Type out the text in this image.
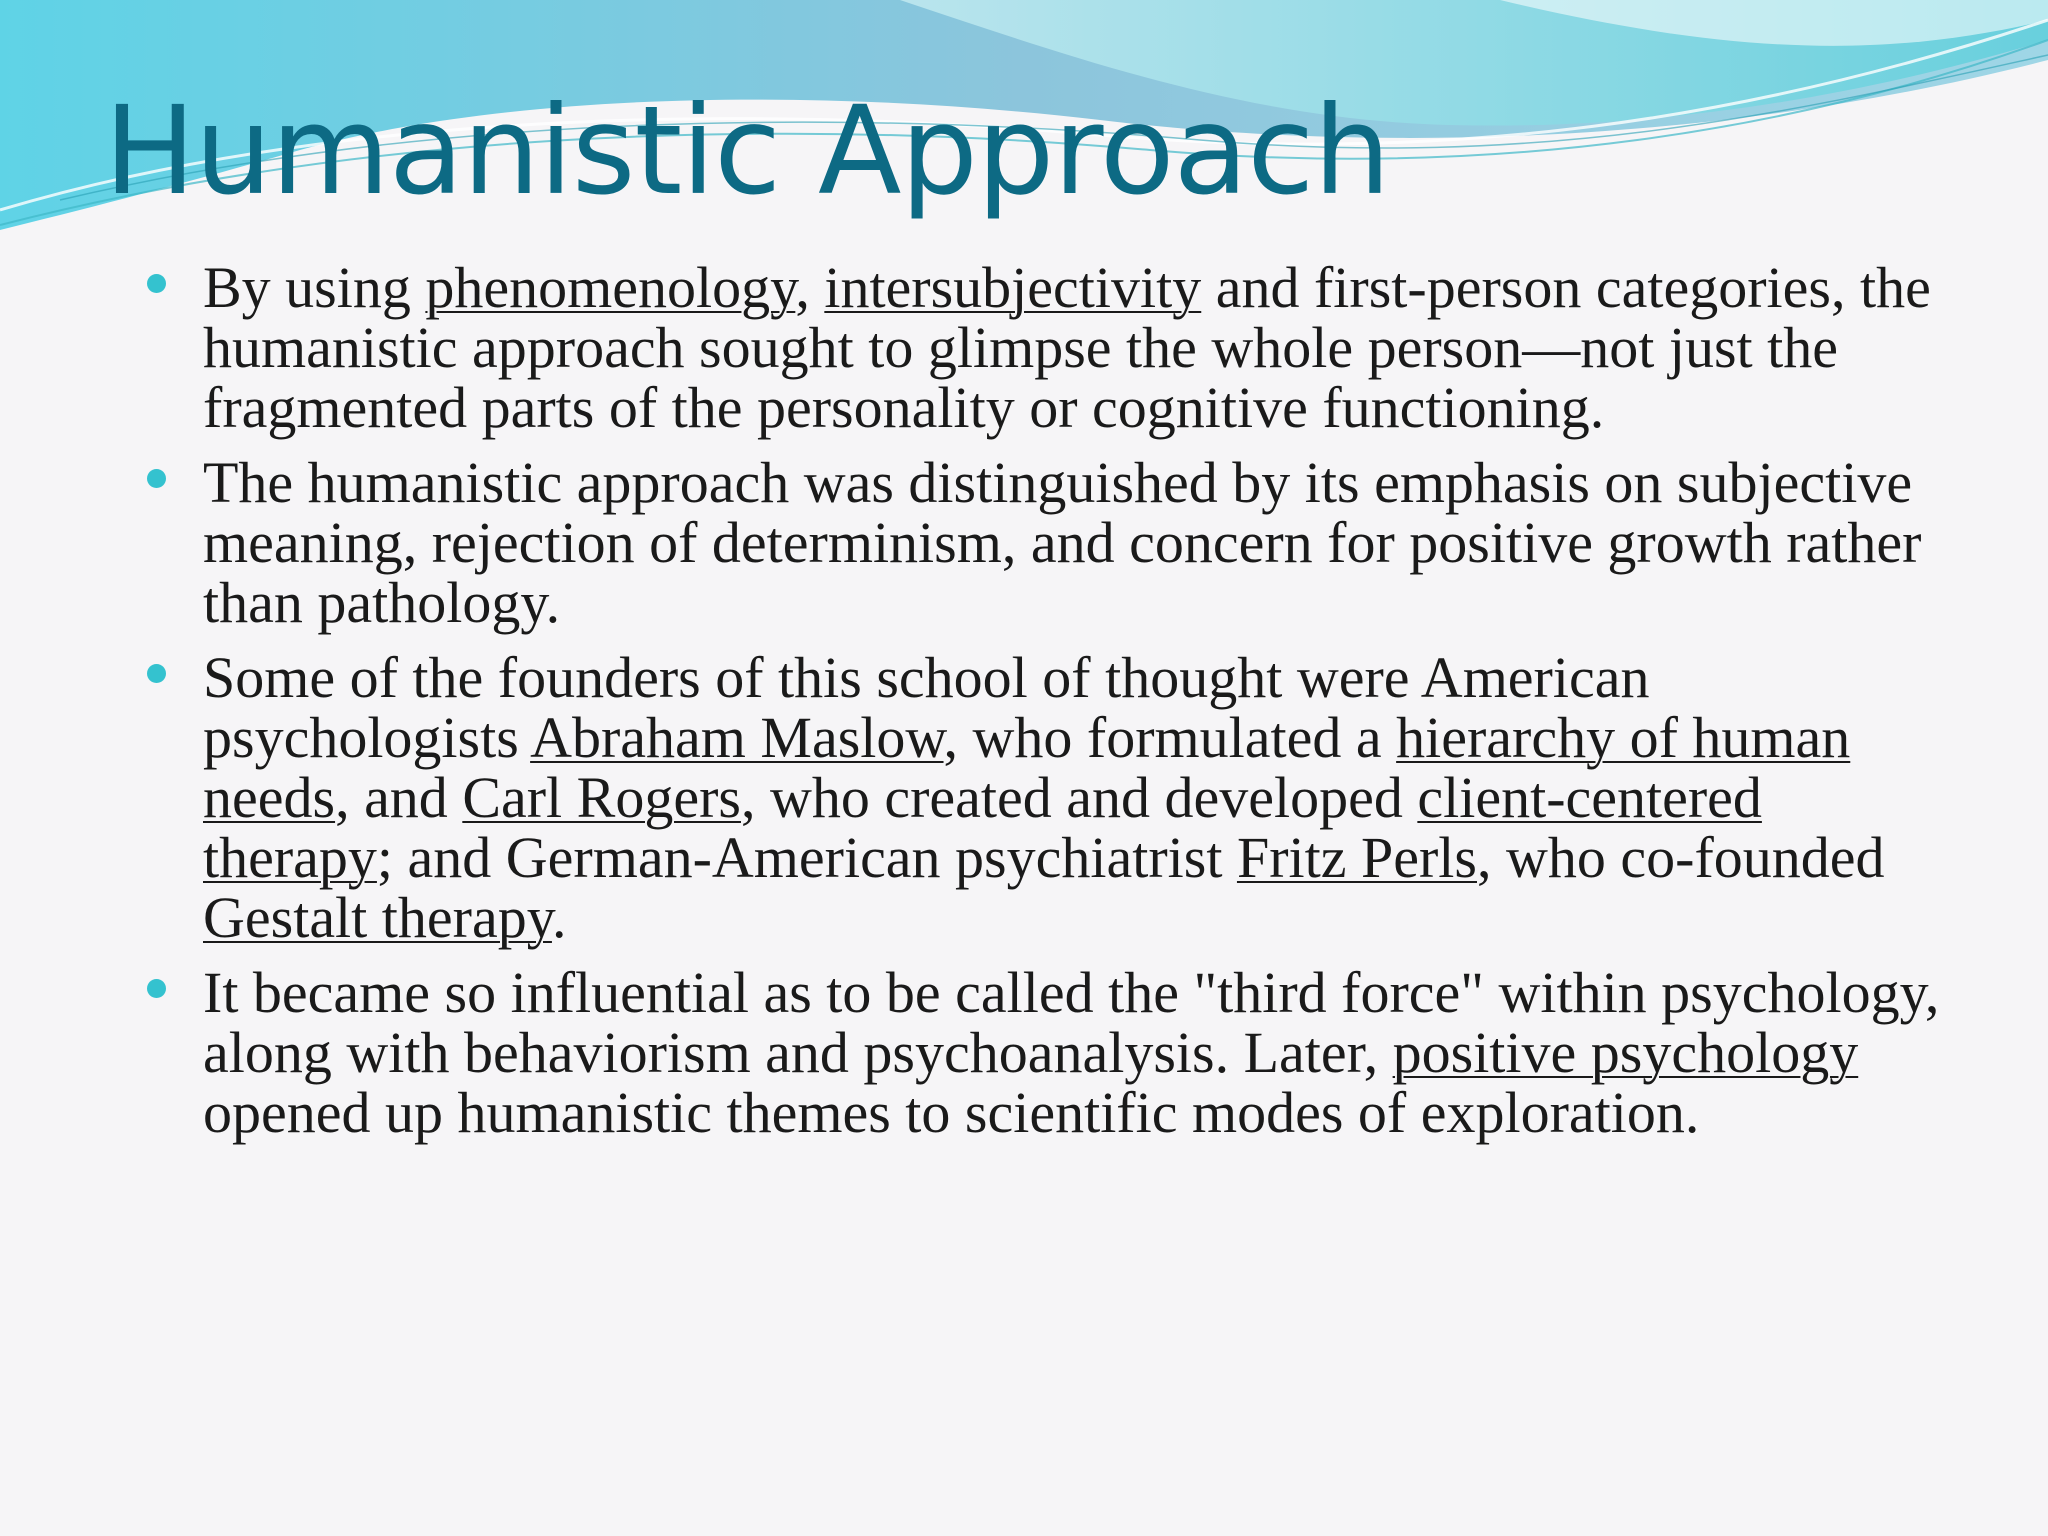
Humanistic Approach
By using phenomenology, intersubjectivity and first-person categories, the humanistic approach sought to glimpse the whole person—not just the fragmented parts of the personality or cognitive functioning.
The humanistic approach was distinguished by its emphasis on subjective meaning, rejection of determinism, and concern for positive growth rather than pathology.
Some of the founders of this school of thought were American psychologists Abraham Maslow, who formulated a hierarchy of human needs, and Carl Rogers, who created and developed client-centered therapy; and German-American psychiatrist Fritz Perls, who co-founded Gestalt therapy.
It became so influential as to be called the "third force" within psychology, along with behaviorism and psychoanalysis. Later, positive psychology opened up humanistic themes to scientific modes of exploration.
